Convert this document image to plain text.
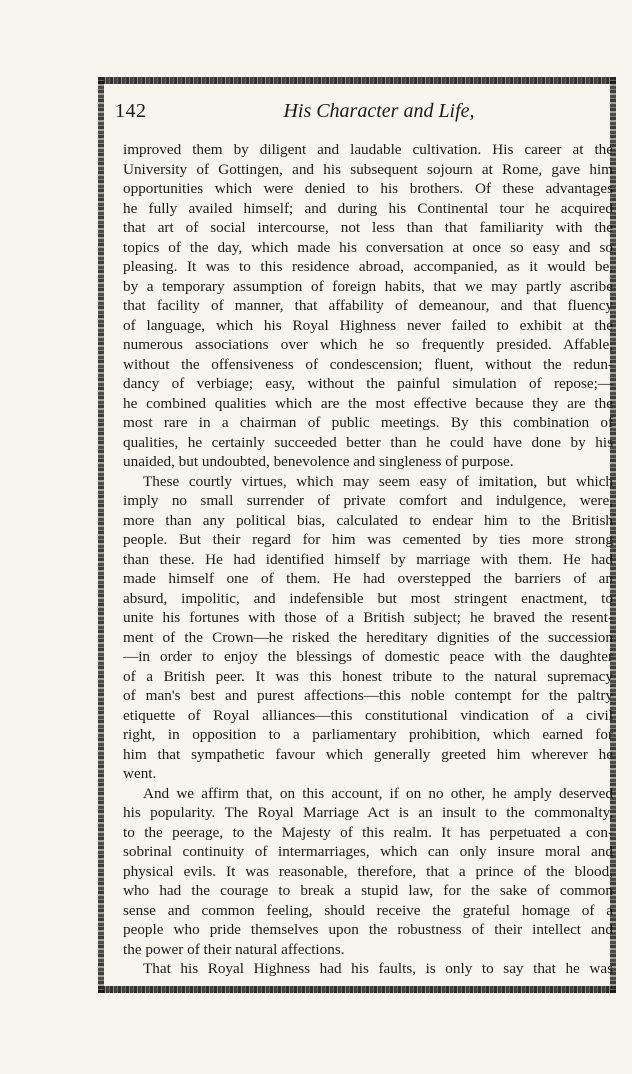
142	His Character and Life,
improved them by diligent and laudable cultivation. His career at the
University of Gottingen, and his subsequent sojourn at Rome, gave him
opportunities which were denied to his brothers. Of these advantages
he fully availed himself; and during his Continental tour he acquired
that art of social intercourse, not less than that familiarity with the
topics of the day, which made his conversation at once so easy and so
pleasing. It was to this residence abroad, accompanied, as it would be,
by a temporary assumption of foreign habits, that we may partly ascribe
that facility of manner, that affability of demeanour, and that fluency
of language, which his Royal Highness never failed to exhibit at the
numerous associations over which he so frequently presided. Affable,
without the offensiveness of condescension; fluent, without the redun-
dancy of verbiage; easy, without the painful simulation of repose;—
he combined qualities which are the most effective because they are the
most rare in a chairman of public meetings. By this combination of
qualities, he certainly succeeded better than he could have done by his
unaided, but undoubted, benevolence and singleness of purpose.
These courtly virtues, which may seem easy of imitation, but which
imply no small surrender of private comfort and indulgence, were,
more than any political bias, calculated to endear him to the British
people. But their regard for him was cemented by ties more strong
than these. He had identified himself by marriage with them. He had
made himself one of them. He had overstepped the barriers of an
absurd, impolitic, and indefensible but most stringent enactment, to
unite his fortunes with those of a British subject; he braved the resent-
ment of the Crown—he risked the hereditary dignities of the succession
—in order to enjoy the blessings of domestic peace with the daughter
of a British peer. It was this honest tribute to the natural supremacy
of man's best and purest affections—this noble contempt for the paltry
etiquette of Royal alliances—this constitutional vindication of a civil
right, in opposition to a parliamentary prohibition, which earned for
him that sympathetic favour which generally greeted him wherever he
went.
And we affirm that, on this account, if on no other, he amply deserved
his popularity. The Royal Marriage Act is an insult to the commonalty,
to the peerage, to the Majesty of this realm. It has perpetuated a con-
sobrinal continuity of intermarriages, which can only insure moral and
physical evils. It was reasonable, therefore, that a prince of the blood,
who had the courage to break a stupid law, for the sake of common
sense and common feeling, should receive the grateful homage of a
people who pride themselves upon the robustness of their intellect and
the power of their natural affections.
That his Royal Highness had his faults, is only to say that he was
